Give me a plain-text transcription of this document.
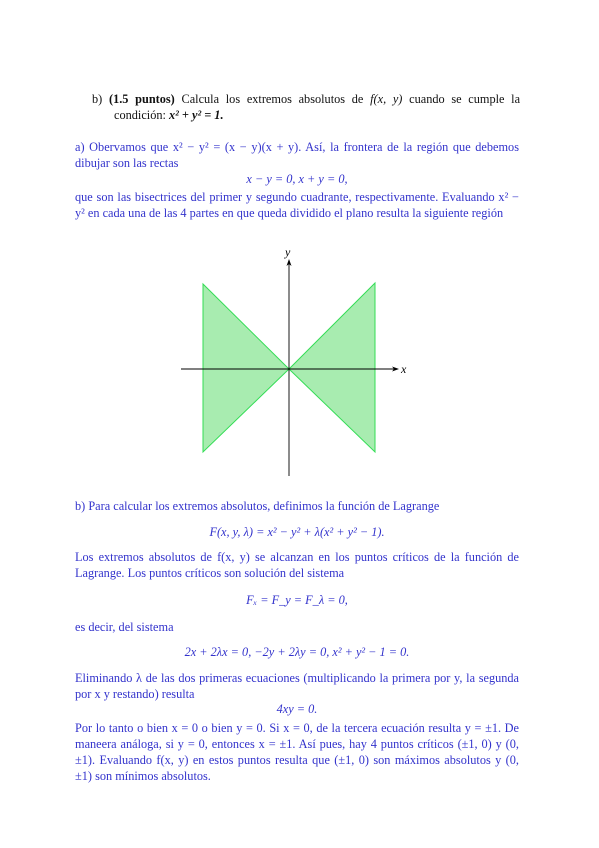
b) (1.5 puntos) Calcula los extremos absolutos de f(x, y) cuando se cumple la condición: x² + y² = 1.
a) Obervamos que x² − y² = (x − y)(x + y). Así, la frontera de la región que debemos dibujar son las rectas
x − y = 0, x + y = 0,
que son las bisectrices del primer y segundo cuadrante, respectivamente. Evaluando x² − y² en cada una de las 4 partes en que queda dividido el plano resulta la siguiente región
x
y
b) Para calcular los extremos absolutos, definimos la función de Lagrange
F(x, y, λ) = x² − y² + λ(x² + y² − 1).
Los extremos absolutos de f(x, y) se alcanzan en los puntos críticos de la función de Lagrange. Los puntos críticos son solución del sistema
Fₓ = F_y = F_λ = 0,
es decir, del sistema
2x + 2λx = 0, −2y + 2λy = 0, x² + y² − 1 = 0.
Eliminando λ de las dos primeras ecuaciones (multiplicando la primera por y, la segunda por x y restando) resulta
4xy = 0.
Por lo tanto o bien x = 0 o bien y = 0. Si x = 0, de la tercera ecuación resulta y = ±1. De maneera análoga, si y = 0, entonces x = ±1. Así pues, hay 4 puntos críticos (±1, 0) y (0, ±1). Evaluando f(x, y) en estos puntos resulta que (±1, 0) son máximos absolutos y (0, ±1) son mínimos absolutos.
